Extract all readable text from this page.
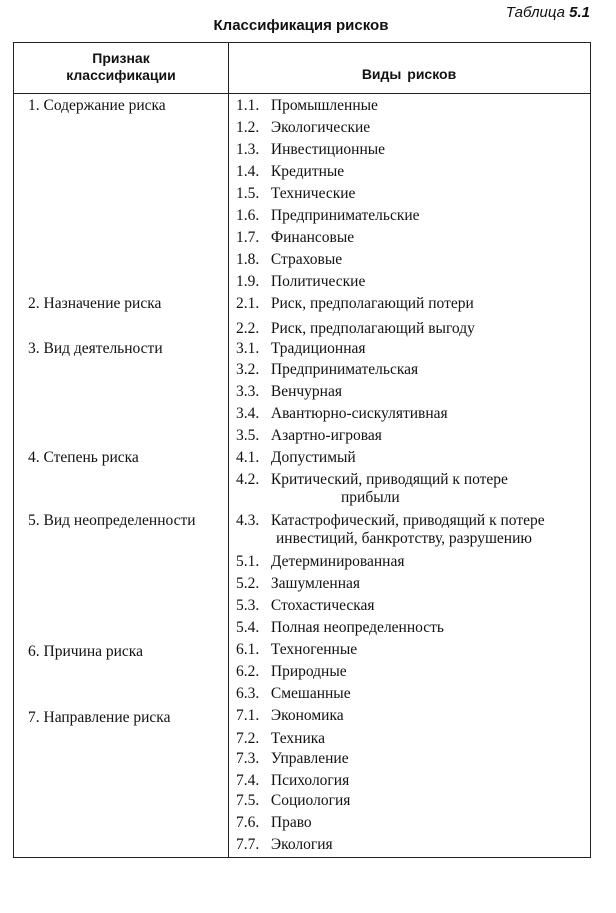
Таблица 5.1
Классификация рисков
Признак
классификации	Виды рисков
1. Содержание риска
2. Назначение риска
3. Вид деятельности
4. Степень риска
5. Вид неопределенности
6. Причина риска
7. Направление риска
1.1. Промышленные
1.2. Экологические
1.3. Инвестиционные
1.4. Кредитные
1.5. Технические
1.6. Предпринимательские
1.7. Финансовые
1.8. Страховые
1.9. Политические
2.1. Риск, предполагающий потери
2.2. Риск, предполагающий выгоду
3.1. Традиционная
3.2. Предпринимательская
3.3. Венчурная
3.4. Авантюрно-сискулятивная
3.5. Азартно-игровая
4.1. Допустимый
4.2. Критический, приводящий к потере
прибыли
4.3. Катастрофический, приводящий к потере
инвестиций, банкротству, разрушению
5.1. Детерминированная
5.2. Зашумленная
5.3. Стохастическая
5.4. Полная неопределенность
6.1. Техногенные
6.2. Природные
6.3. Смешанные
7.1. Экономика
7.2. Техника
7.3. Управление
7.4. Психология
7.5. Социология
7.6. Право
7.7. Экология
